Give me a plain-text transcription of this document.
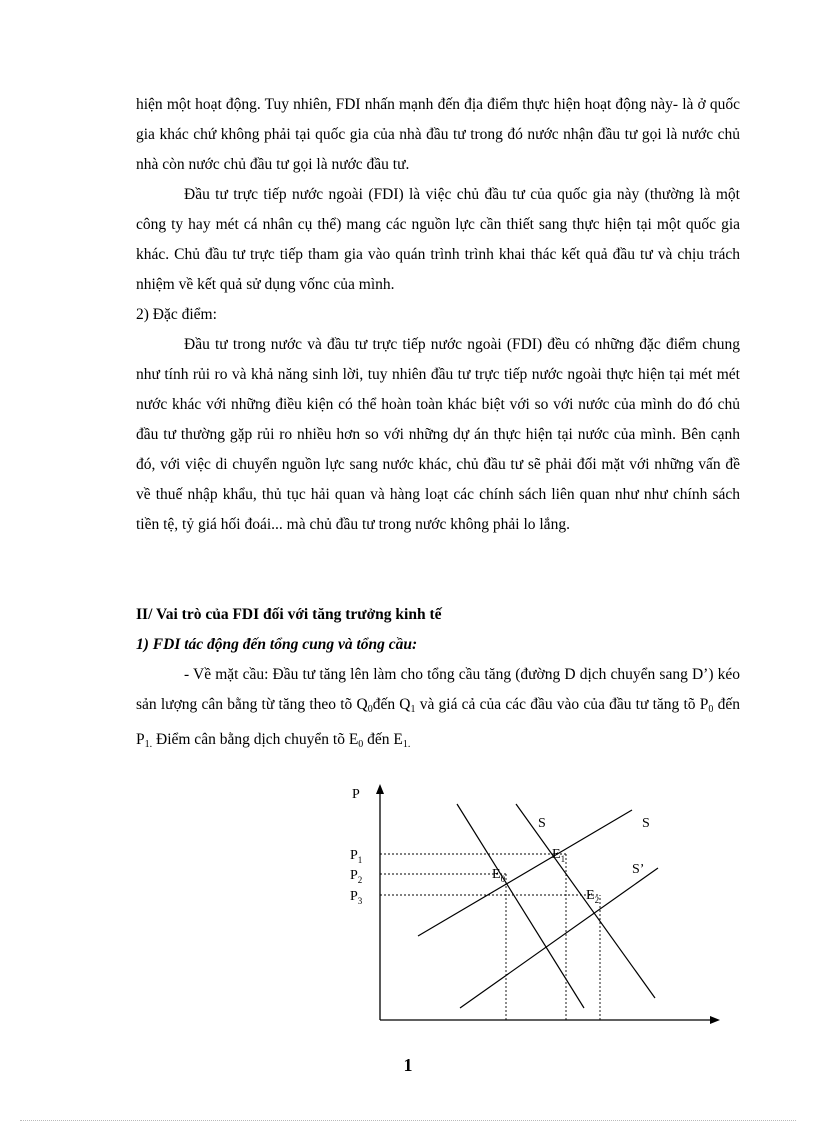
hiện một hoạt động. Tuy nhiên, FDI nhấn mạnh đến địa điểm thực hiện hoạt động này- là ở quốc gia khác chứ không phải tại quốc gia của nhà đầu tư trong đó nước nhận đầu tư gọi là nước chủ nhà còn nước chủ đầu tư gọi là nước đầu tư.

Đầu tư trực tiếp nước ngoài (FDI) là việc chủ đầu tư của quốc gia này (thường là một công ty hay mét cá nhân cụ thể) mang các nguồn lực cần thiết sang thực hiện tại một quốc gia khác. Chủ đầu tư trực tiếp tham gia vào quán trình trình khai thác kết quả đầu tư và chịu trách nhiệm về kết quả sử dụng vốnc của mình.

2) Đặc điểm:

Đầu tư trong nước và đầu tư trực tiếp nước ngoài (FDI) đều có những đặc điểm chung như tính rủi ro và khả năng sinh lời, tuy nhiên đầu tư trực tiếp nước ngoài thực hiện tại mét mét nước khác với những điều kiện có thể hoàn toàn khác biệt với so với nước của mình do đó chủ đầu tư thường gặp rủi ro nhiều hơn so với những dự án thực hiện tại nước của mình. Bên cạnh đó, với việc di chuyển nguồn lực sang nước khác, chủ đầu tư sẽ phải đối mặt với những vấn đề về thuế nhập khẩu, thủ tục hải quan và hàng loạt các chính sách liên quan như như chính sách tiền tệ, tỷ giá hối đoái... mà chủ đầu tư trong nước không phải lo lắng.

II/ Vai trò của FDI đối với tăng trưởng kinh tế

1) FDI tác động đến tổng cung và tổng cầu:

- Về mặt cầu: Đầu tư tăng lên làm cho tổng cầu tăng (đường D dịch chuyển sang D’) kéo sản lượng cân bằng từ tăng theo tõ $Q_0đến$ $Q_1$ và giá cả của các đầu vào của đầu tư tăng tõ $P_0$ đến $P_{1.}$ Điểm cân bằng dịch chuyển tõ $E_0$ đến $E_{1.}$

P
$P_1$
$P_2$
$P_3$
S	S
S’
$E_0$
$E_1$
$E_2$
1
